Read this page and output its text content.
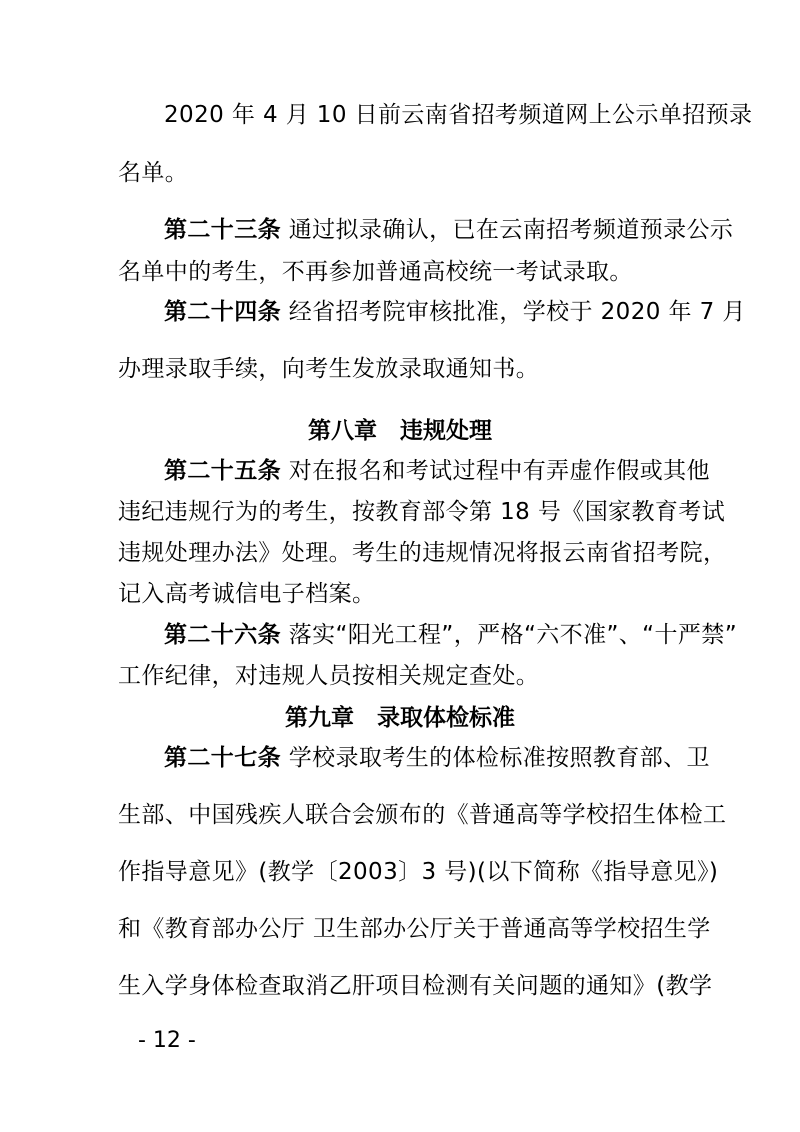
2020 年 4 月 10 日前云南省招考频道网上公示单招预录
名单。
第二十三条 通过拟录确认，已在云南招考频道预录公示
名单中的考生，不再参加普通高校统一考试录取。
第二十四条 经省招考院审核批准，学校于 2020 年 7 月
办理录取手续，向考生发放录取通知书。
第八章　违规处理
第二十五条 对在报名和考试过程中有弄虚作假或其他
违纪违规行为的考生，按教育部令第 18 号《国家教育考试
违规处理办法》处理。考生的违规情况将报云南省招考院，
记入高考诚信电子档案。
第二十六条 落实“阳光工程”，严格“六不准”、“十严禁”
工作纪律，对违规人员按相关规定查处。
第九章　录取体检标准
第二十七条 学校录取考生的体检标准按照教育部、卫
生部、中国残疾人联合会颁布的《普通高等学校招生体检工
作指导意见》(教学〔2003〕3 号)(以下简称《指导意见》)
和《教育部办公厅 卫生部办公厅关于普通高等学校招生学
生入学身体检查取消乙肝项目检测有关问题的通知》(教学
- 12 -
